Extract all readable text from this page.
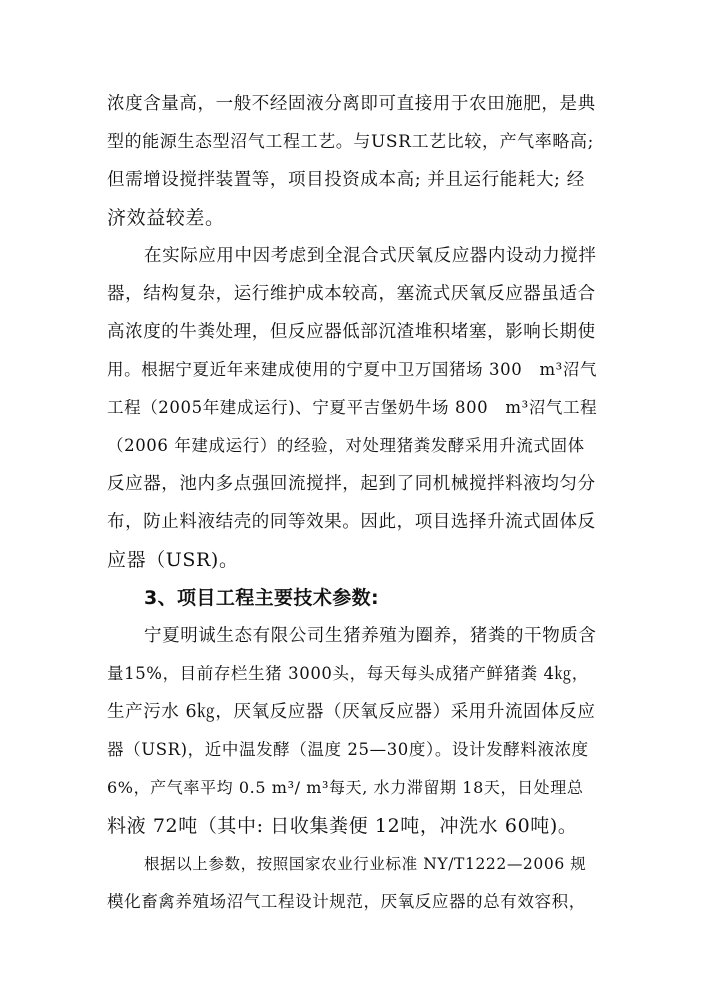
浓度含量高，一般不经固液分离即可直接用于农田施肥，是典
型的能源生态型沼气工程工艺。与USR工艺比较，产气率略高;
但需增设搅拌装置等，项目投资成本高; 并且运行能耗大; 经
济效益较差。
在实际应用中因考虑到全混合式厌氧反应器内设动力搅拌
器，结构复杂，运行维护成本较高，塞流式厌氧反应器虽适合
高浓度的牛粪处理，但反应器低部沉渣堆积堵塞，影响长期使
用。根据宁夏近年来建成使用的宁夏中卫万国猪场 300　m³沼气
工程（2005年建成运行)、宁夏平吉堡奶牛场 800　m³沼气工程
（2006 年建成运行）的经验，对处理猪粪发酵采用升流式固体
反应器，池内多点强回流搅拌，起到了同机械搅拌料液均匀分
布，防止料液结壳的同等效果。因此，项目选择升流式固体反
应器（USR)。
3、项目工程主要技术参数:
宁夏明诚生态有限公司生猪养殖为圈养，猪粪的干物质含
量15%，目前存栏生猪 3000头，每天每头成猪产鲜猪粪 4㎏，
生产污水 6㎏，厌氧反应器（厌氧反应器）采用升流固体反应
器（USR)，近中温发酵（温度 25—30度）。设计发酵料液浓度
6%，产气率平均 0.5 m³/ m³每天, 水力滞留期 18天，日处理总
料液 72吨（其中: 日收集粪便 12吨，冲洗水 60吨)。
根据以上参数，按照国家农业行业标准 NY/T1222—2006 规
模化畜禽养殖场沼气工程设计规范，厌氧反应器的总有效容积，
